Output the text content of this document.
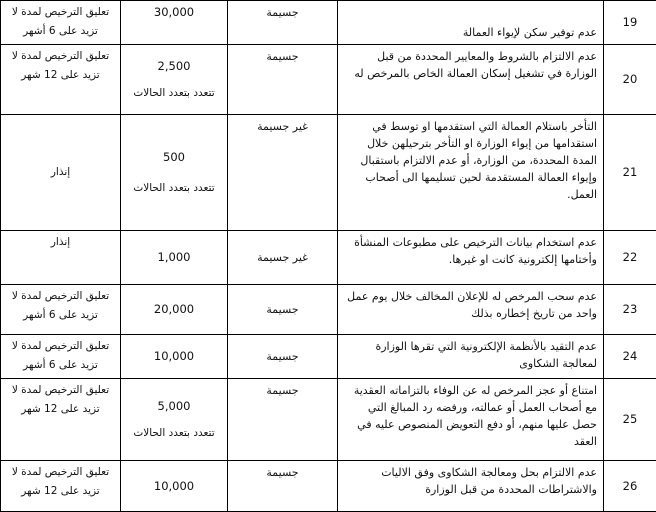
19	عدم توفير سكن لإيواء العمالة	جسيمة	30,000	تعليق الترخيص لمدة لا
تزيد على 6 أشهر

20	عدم الالتزام بالشروط والمعايير المحددة من قبل الوزارة في تشغيل إسكان العمالة الخاص بالمرخص له	جسيمة	2,500
تتعدد بتعدد الحالات	تعليق الترخيص لمدة لا
تزيد على 12 شهر

21	التأخر باستلام العمالة التي استقدمها او توسط في استقدامها من إيواء الوزارة او التأخر بترحيلهن خلال المدة المحددة، من الوزارة، أو عدم الالتزام باستقبال وإيواء العمالة المستقدمة لحين تسليمها الى أصحاب العمل.	غير جسيمة	500
تتعدد بتعدد الحالات	إنذار

22	عدم استخدام بيانات الترخيص على مطبوعات المنشأة وأختامها إلكترونية كانت او غيرها.	غير جسيمة	1,000	إنذار

23	عدم سحب المرخص له للإعلان المخالف خلال يوم عمل واحد من تاريخ إخطاره بذلك	جسيمة	20,000	تعليق الترخيص لمدة لا
تزيد على 6 أشهر

24	عدم التقيد بالأنظمة الإلكترونية التي تقرها الوزارة لمعالجة الشكاوى	جسيمة	10,000	تعليق الترخيص لمدة لا
تزيد على 6 أشهر

25	امتناع أو عجز المرخص له عن الوفاء بالتزاماته العقدية مع أصحاب العمل أو عمالته، ورفضه رد المبالغ التي حصل عليها منهم، أو دفع التعويض المنصوص عليه في العقد	جسيمة	5,000
تتعدد بتعدد الحالات	تعليق الترخيص لمدة لا
تزيد على 12 شهر

26	عدم الالتزام بحل ومعالجة الشكاوى وفق الاليات والاشتراطات المحددة من قبل الوزارة	جسيمة	10,000	تعليق الترخيص لمدة لا
تزيد على 12 شهر
